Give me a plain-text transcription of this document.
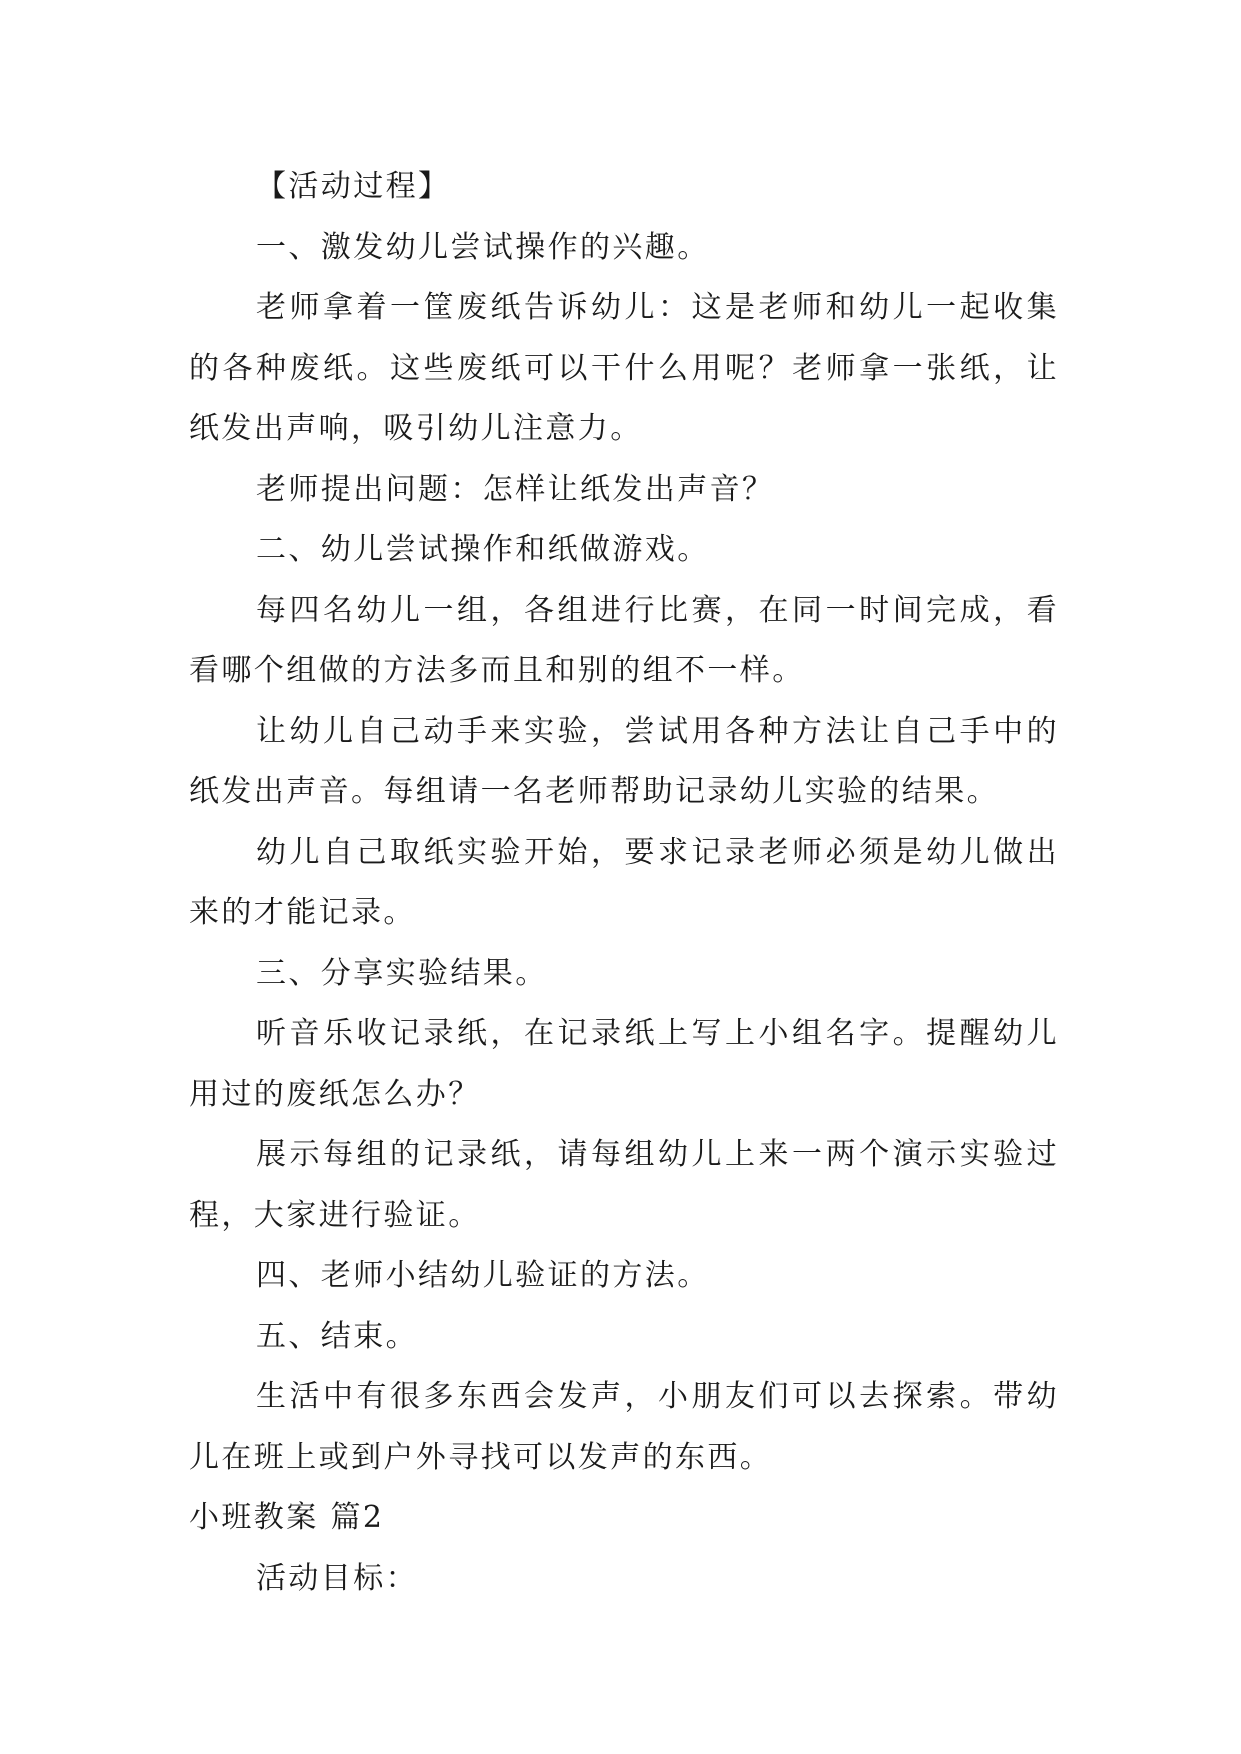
【活动过程】

一、激发幼儿尝试操作的兴趣。

老师拿着一筐废纸告诉幼儿：这是老师和幼儿一起收集的各种废纸。这些废纸可以干什么用呢？老师拿一张纸，让纸发出声响，吸引幼儿注意力。

老师提出问题：怎样让纸发出声音？

二、幼儿尝试操作和纸做游戏。

每四名幼儿一组，各组进行比赛，在同一时间完成，看看哪个组做的方法多而且和别的组不一样。

让幼儿自己动手来实验，尝试用各种方法让自己手中的纸发出声音。每组请一名老师帮助记录幼儿实验的结果。

幼儿自己取纸实验开始，要求记录老师必须是幼儿做出来的才能记录。

三、分享实验结果。

听音乐收记录纸，在记录纸上写上小组名字。提醒幼儿用过的废纸怎么办？

展示每组的记录纸，请每组幼儿上来一两个演示实验过程，大家进行验证。

四、老师小结幼儿验证的方法。

五、结束。

生活中有很多东西会发声，小朋友们可以去探索。带幼儿在班上或到户外寻找可以发声的东西。

小班教案 篇2

活动目标：
